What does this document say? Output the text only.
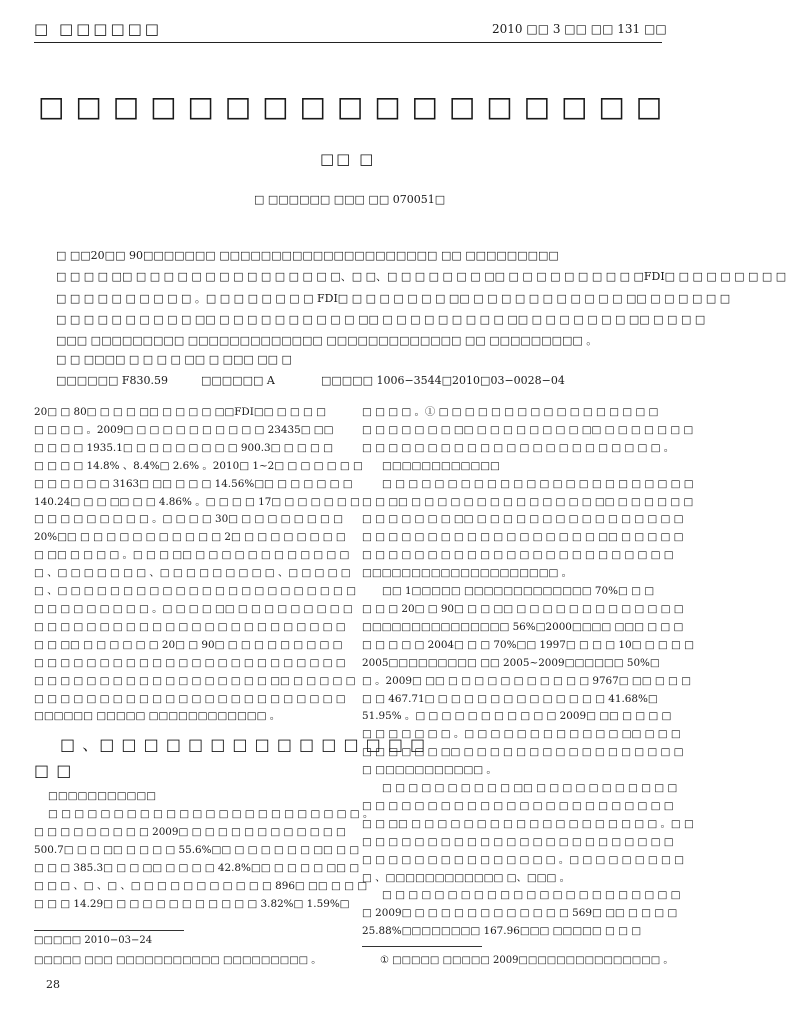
□ □□□□□□	2010 □□ 3 □□ □□ 131 □□
□ □ □ □ □ □ □ □ □ □ □ □ □ □ □ □ □
□□ □
□ □□□□□□ □□□ □□ 070051□
□ □□20□□ 90□□□□□□□ □□□□□□□□□□□□□□□□□□□□□ □□ □□□□□□□□□
□ □ □ □ □□ □ □ □ □ □ □ □ □ □ □ □ □ □ □ □、□ □、□ □ □ □ □ □ □ □□ □ □ □ □ □ □ □ □ □ □FDI□ □ □ □ □ □ □ □ □
□ □ □ □ □ □ □ □ □ □ 。□ □ □ □ □ □ □ □ FDI□ □ □ □ □ □ □ □ □□ □ □ □ □ □ □ □ □ □ □ □ □□ □ □ □ □ □ □
□ □ □ □ □ □ □ □ □ □ □□ □ □ □ □ □ □ □ □ □ □ □□ □ □ □ □ □ □ □ □ □ □□ □ □ □ □ □ □ □ □□ □ □ □ □
□□□ □□□□□□□□□ □□□□□□□□□□□□□ □□□□□□□□□□□□□ □□ □□□□□□□□□ 。
□ □ □□□□ □ □ □ □ □□ □ □□□ □□ □
□□□□□□ F830.59	□□□□□□ A	□□□□□ 1006−3544□2010□03−0028−04
20□ □ 80□ □ □ □ □□ □ □ □ □ □□FDI□□ □ □ □ □
□ □ □ □ 。2009□ □ □ □ □ □ □ □ □ □ □ 23435□ □□
□ □ □ □ 1935.1□ □ □ □ □ □ □ □ □ 900.3□ □ □ □ □
□ □ □ □ 14.8% 、8.4%□ 2.6% 。2010□ 1~2□ □ □ □ □ □ □
□ □ □ □ □ □ 3163□ □□ □ □ □ 14.56%□□ □ □ □ □ □ □
140.24□ □ □ □□ □ □ 4.86% 。□ □ □ □ 17□ □ □ □ □ □ □
□ □ □ □ □ □ □ □ □ 。□ □ □ □ 30□ □ □ □ □ □ □ □ □
20%□□ □ □ □ □ □ □ □ □ □ □ □ 2□ □ □ □ □ □ □ □ □
□ □□ □ □ □ □ 。□ □ □ □□ □ □ □ □ □ □ □ □ □ □ □ □
□ 、□ □ □ □ □ □ □ 、□ □ □ □ □ □ □ □ □ 、□ □ □ □ □
□ 、□ □ □ □ □ □ □ □ □ □ □ □ □ □ □ □ □ □ □ □ □ □ □
□ □ □ □ □ □ □ □ □ 。□ □ □ □ □□ □ □ □ □ □ □ □ □ □
□ □ □ □ □ □ □ □ □ □ □ □ □ □ □ □ □ □ □ □ □ □ □ □
□ □ □□ □ □ □ □ □ □ 20□ □ 90□ □ □ □ □ □ □ □ □ □
□ □ □ □ □ □ □ □ □ □ □ □ □ □ □ □ □ □ □ □ □ □ □ □
□ □ □ □ □ □ □ □ □ □ □ □ □ □ □ □ □ □ □□ □ □ □ □ □
□ □ □ □ □ □ □ □ □ □ □ □ □ □ □ □ □ □ □ □ □ □ □ □
□□□□□□ □□□□□ □□□□□□□□□□□□ 。
□ 、□ □ □ □ □ □ □ □ □ □ □ □ □ □ □
□ □
□□□□□□□□□□□
□ □ □ □ □ □ □ □ □ □ □ □ □ □ □ □ □ □ □ □ □ □ □ □ 。
□ □ □ □ □ □ □ □ □ 2009□ □ □ □ □ □ □ □ □ □ □ □ □
500.7□ □ □ □□ □ □ □ □ 55.6%□□ □ □ □ □ □ □ □□ □ □
□ □ □ 385.3□ □ □ □□ □ □ □ □ 42.8%□□ □ □ □ □ □□ □
□ □ □ 、□ 、□ 、□ □ □ □ □ □ □ □ □ □ □ 896□ □□ □ □ □
□ □ □ 14.29□ □ □ □ □ □ □ □ □ □ □ □ 3.82%□ 1.59%□
□□□□□ 2010−03−24
□□□□□ □□□ □□□□□□□□□□□ □□□□□□□□□ 。
□ □ □ □ 。① □ □ □ □ □ □ □ □ □ □ □ □ □ □ □ □ □
□ □ □ □ □ □ □ □□ □ □ □ □ □ □ □ □ □□ □ □ □ □ □ □ □
□ □ □ □ □ □ □ □ □ □ □ □ □ □ □ □ □ □ □ □ □ □ □ 。
□□□□□□□□□□□□
□ □ □ □ □ □ □ □ □ □ □ □ □ □ □ □ □ □ □ □ □ □ □ □
□ □ □□ □ □ □ □ □ □ □ □ □ □ □ □ □ □ □□ □ □ □ □ □ □
□ □ □ □ □ □ □ □□ □ □ □ □ □ □ □ □ □ □ □ □ □ □ □ □
□ □ □ □ □ □ □ □ □ □ □ □ □ □ □ □ □ □ □□ □ □ □ □ □
□ □ □ □ □ □ □ □ □ □ □ □ □ □ □ □ □ □ □ □ □ □ □ □
□□□□□□□□□□□□□□□□□□□□ 。
□□ 1□□□□□ □□□□□□□□□□□□□ 70%□ □ □
□ □ □ 20□ □ 90□ □ □ □□ □ □ □ □ □ □ □ □ □ □ □ □ □
□□□□□□□□□□□□□□□ 56%□2000□□□□ □□□ □ □ □
□ □ □ □ □ 2004□ □ □ 70%□□ 1997□ □ □ □ 10□ □ □ □ □
2005□□□□□□□□□ □□ 2005~2009□□□□□□ 50%□
□ 。2009□ □□ □ □ □ □ □ □ □ □ □ □ □ 9767□ □□ □ □ □
□ □ 467.71□ □ □ □ □ □ □ □ □ □ □ □ □ □ 41.68%□
51.95% 。□ □ □ □ □ □ □ □ □ □ □ 2009□ □□ □ □ □ □
□ □ □ □ □ □ □ 。□ □ □ □ □ □ □ □ □ □ □ □ □□ □ □ □
□ □ □ □ □ □ □□ □ □ □ □ □ □ □ □ □ □ □ □ □ □ □ □ □
□ □□□□□□□□□□□ 。
□ □ □ □ □ □ □ □ □ □ □□ □ □ □ □ □ □ □ □ □ □ □
□ □ □ □ □ □ □ □ □ □ □ □ □ □ □ □ □ □ □ □ □ □ □ □
□ □ □□ □ □ □ □ □ □ □ □ □ □ □ □ □ □ □ □ □ □ □ 。□ □
□ □ □ □ □ □ □ □ □ □ □ □ □ □ □ □ □ □ □ □ □ □ □ □
□ □ □ □ □ □ □ □ □ □ □ □ □ □ □ 。□ □ □ □ □ □ □ □ □
□ 、□□□□□□□□□□□□ □、□□□ 。
□ □ □ □ □ □ □ □ □ □ □ □ □ □ □ □ □ □ □ □ □ □ □
□ 2009□ □ □ □ □ □ □ □ □ □ □ □ □ 569□ □□ □ □ □ □
25.88%□□□□□□□□ 167.96□□□ □□□□□ □ □ □
① □□□□□ □□□□□ 2009□□□□□□□□□□□□□□□ 。
28
